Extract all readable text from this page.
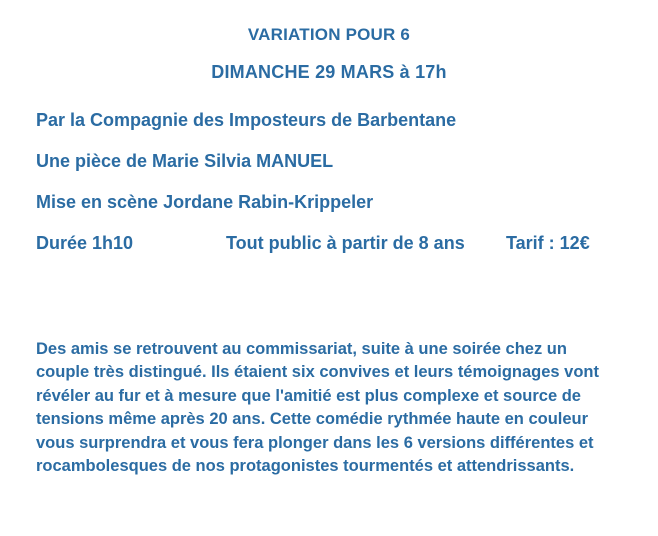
VARIATION POUR 6
DIMANCHE 29 MARS à 17h
Par la Compagnie des Imposteurs de Barbentane
Une pièce de Marie Silvia MANUEL
Mise en scène Jordane Rabin-Krippeler
Durée 1h10	Tout public à partir de 8 ans	Tarif : 12€
Des amis se retrouvent au commissariat, suite à une soirée chez un couple très distingué. Ils étaient six convives et leurs témoignages vont révéler au fur et à mesure que l'amitié est plus complexe et source de tensions même après 20 ans. Cette comédie rythmée haute en couleur vous surprendra et vous fera plonger dans les 6 versions différentes et rocambolesques de nos protagonistes tourmentés et attendrissants.
